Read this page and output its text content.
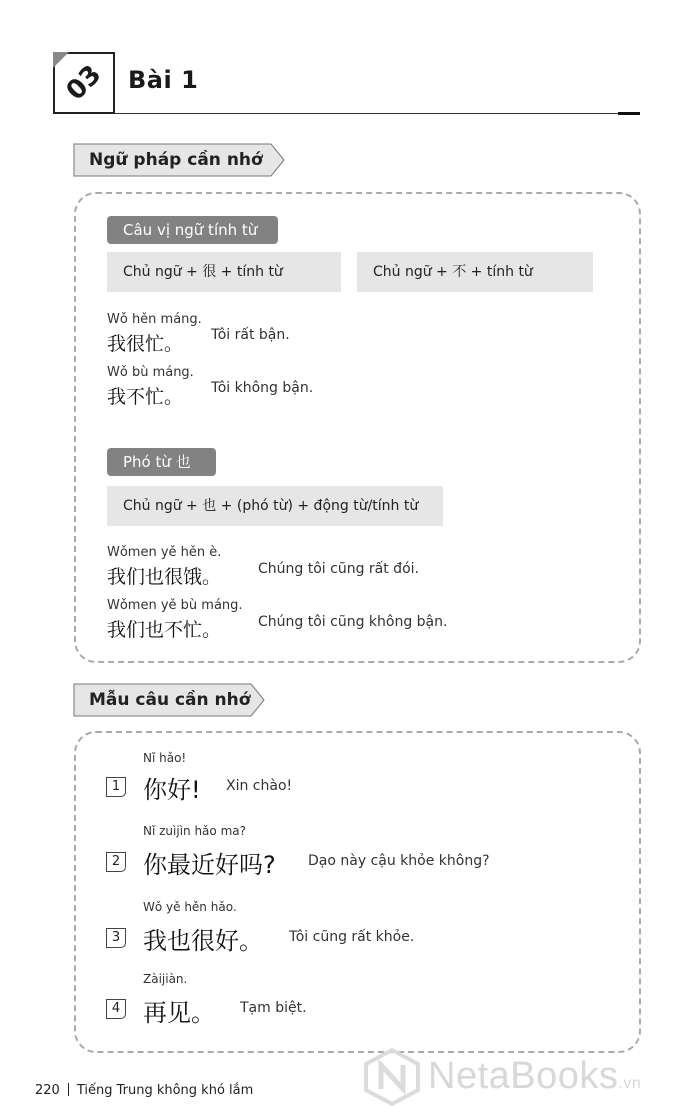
03 Bài 1
Ngữ pháp cần nhớ
Câu vị ngữ tính từ
Chủ ngữ + 很 + tính từ	Chủ ngữ + 不 + tính từ
Wǒ hěn máng.
我很忙。 Tôi rất bận.
Wǒ bù máng.
我不忙。 Tôi không bận.
Phó từ 也
Chủ ngữ + 也 + (phó từ) + động từ/tính từ
Wǒmen yě hěn è.
我们也很饿。	Chúng tôi cũng rất đói.
Wǒmen yě bù máng.
我们也不忙。	Chúng tôi cũng không bận.
Mẫu câu cần nhớ
Nǐ hǎo!
1 你好! Xin chào!
Nǐ zuìjìn hǎo ma?
2 你最近好吗? Dạo này cậu khỏe không?
Wǒ yě hěn hǎo.
3 我也很好。 Tôi cũng rất khỏe.
Zàijiàn.
4 再见。 Tạm biệt.
220 Tiếng Trung không khó lắm	NetaBooks.vn
